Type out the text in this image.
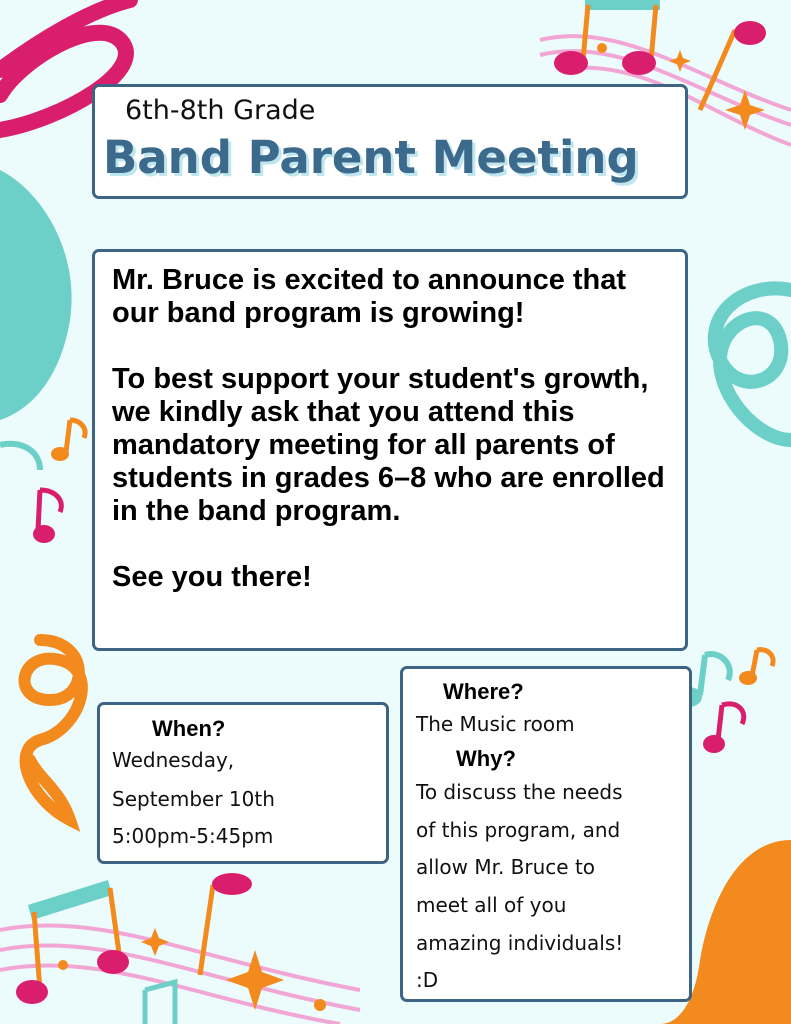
6th-8th Grade
Band Parent Meeting

Mr. Bruce is excited to announce that our band program is growing!

To best support your student's growth, we kindly ask that you attend this mandatory meeting for all parents of students in grades 6–8 who are enrolled in the band program.

See you there!

When?
Wednesday,
September 10th
5:00pm-5:45pm
Where?
The Music room
Why?
To discuss the needs
of this program, and
allow Mr. Bruce to
meet all of you
amazing individuals!
:D
